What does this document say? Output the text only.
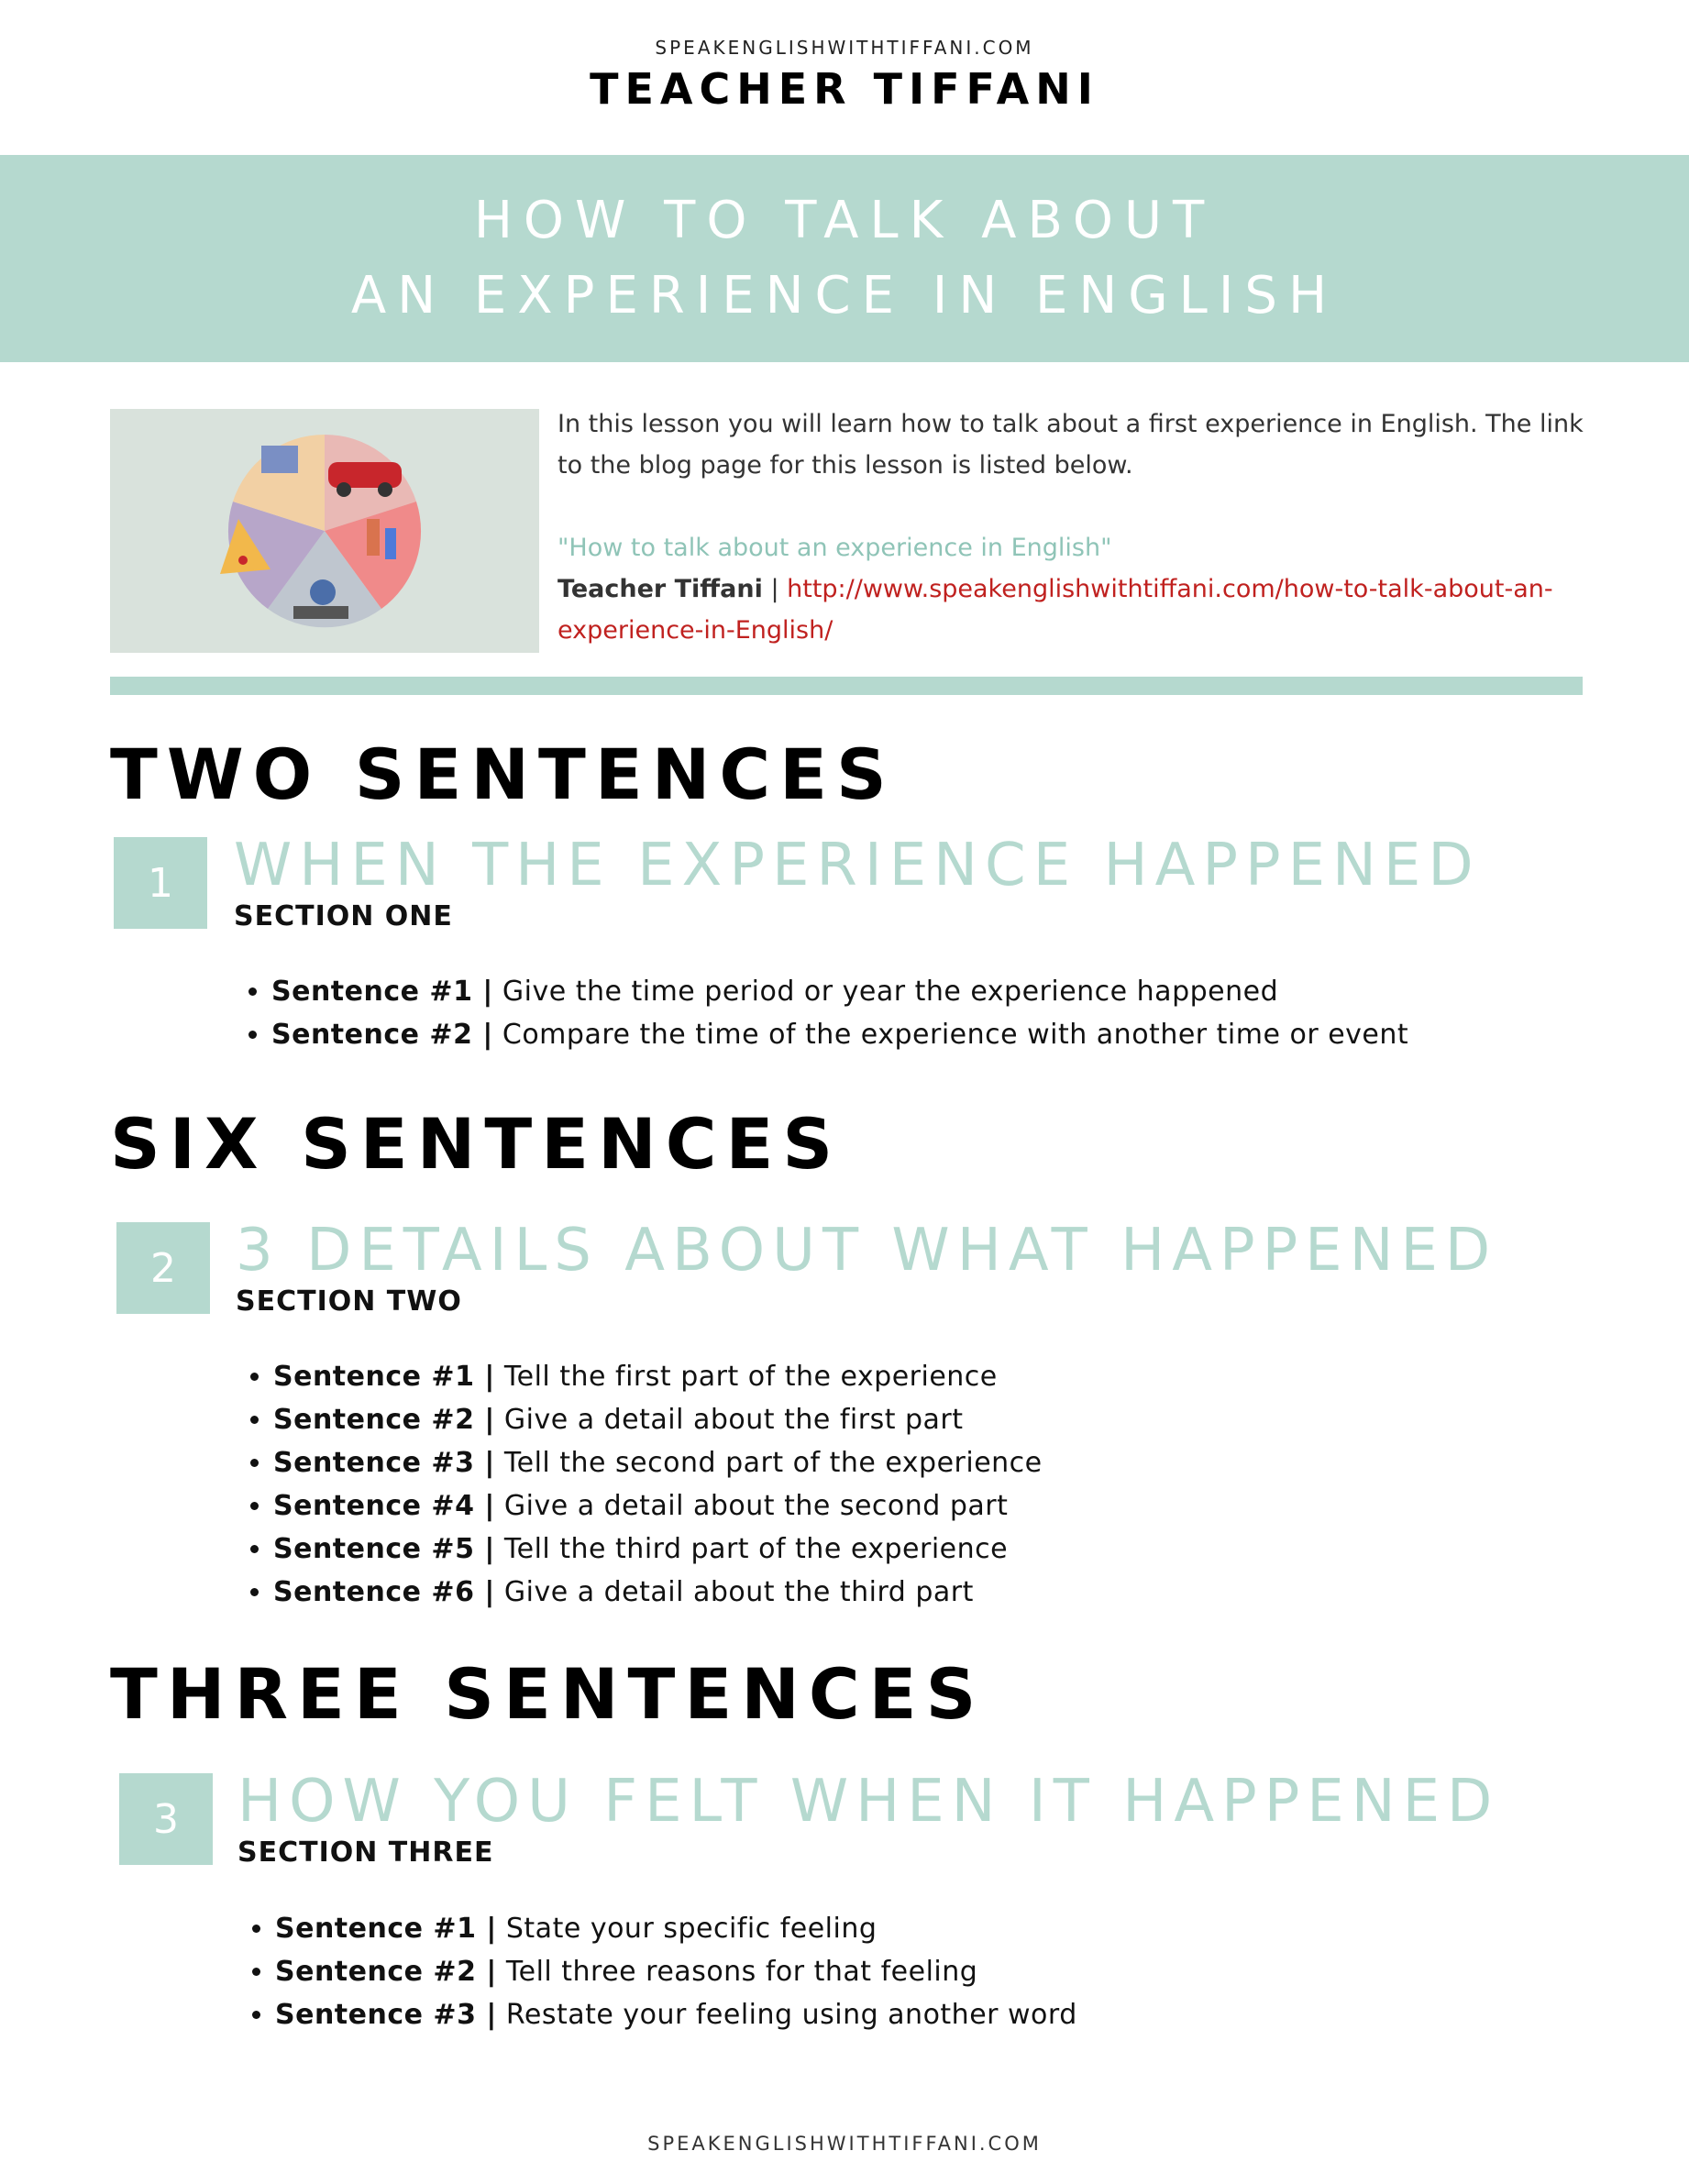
SPEAKENGLISHWITHTIFFANI.COM
TEACHER TIFFANI
HOW TO TALK ABOUT
AN EXPERIENCE IN ENGLISH

In this lesson you will learn how to talk about a first experience in English. The link to the blog page for this lesson is listed below.

"How to talk about an experience in English"

Teacher Tiffani | http://www.speakenglishwithtiffani.com/how-to-talk-about-an-experience-in-English/

TWO SENTENCES
1	WHEN THE EXPERIENCE HAPPENED
SECTION ONE
• Sentence #1 | Give the time period or year the experience happened
• Sentence #2 | Compare the time of the experience with another time or event
SIX SENTENCES
2	3 DETAILS ABOUT WHAT HAPPENED
SECTION TWO
• Sentence #1 | Tell the first part of the experience
• Sentence #2 | Give a detail about the first part
• Sentence #3 | Tell the second part of the experience
• Sentence #4 | Give a detail about the second part
• Sentence #5 | Tell the third part of the experience
• Sentence #6 | Give a detail about the third part
THREE SENTENCES
3	HOW YOU FELT WHEN IT HAPPENED
SECTION THREE
• Sentence #1 | State your specific feeling
• Sentence #2 | Tell three reasons for that feeling
• Sentence #3 | Restate your feeling using another word
SPEAKENGLISHWITHTIFFANI.COM
